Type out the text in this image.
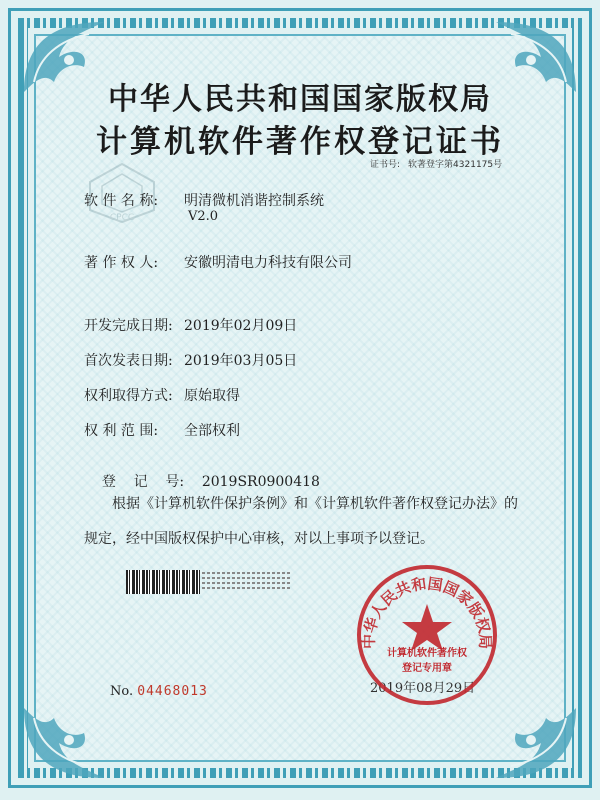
中华人民共和国国家版权局
计算机软件著作权登记证书
证书号: 软著登字第4321175号
CPCC
软 件 名 称: 明清微机消谐控制系统
V2.0
著 作 权 人: 安徽明清电力科技有限公司
开发完成日期: 2019年02月09日
首次发表日期: 2019年03月05日
权利取得方式: 原始取得
权 利 范 围: 全部权利

登    记    号: 2019SR0900418

根据《计算机软件保护条例》和《计算机软件著作权登记办法》的

规定，经中国版权保护中心审核，对以上事项予以登记。

2019年08月29日
中华人民共和国国家版权局
计算机软件著作权
登记专用章
No. 04468013
